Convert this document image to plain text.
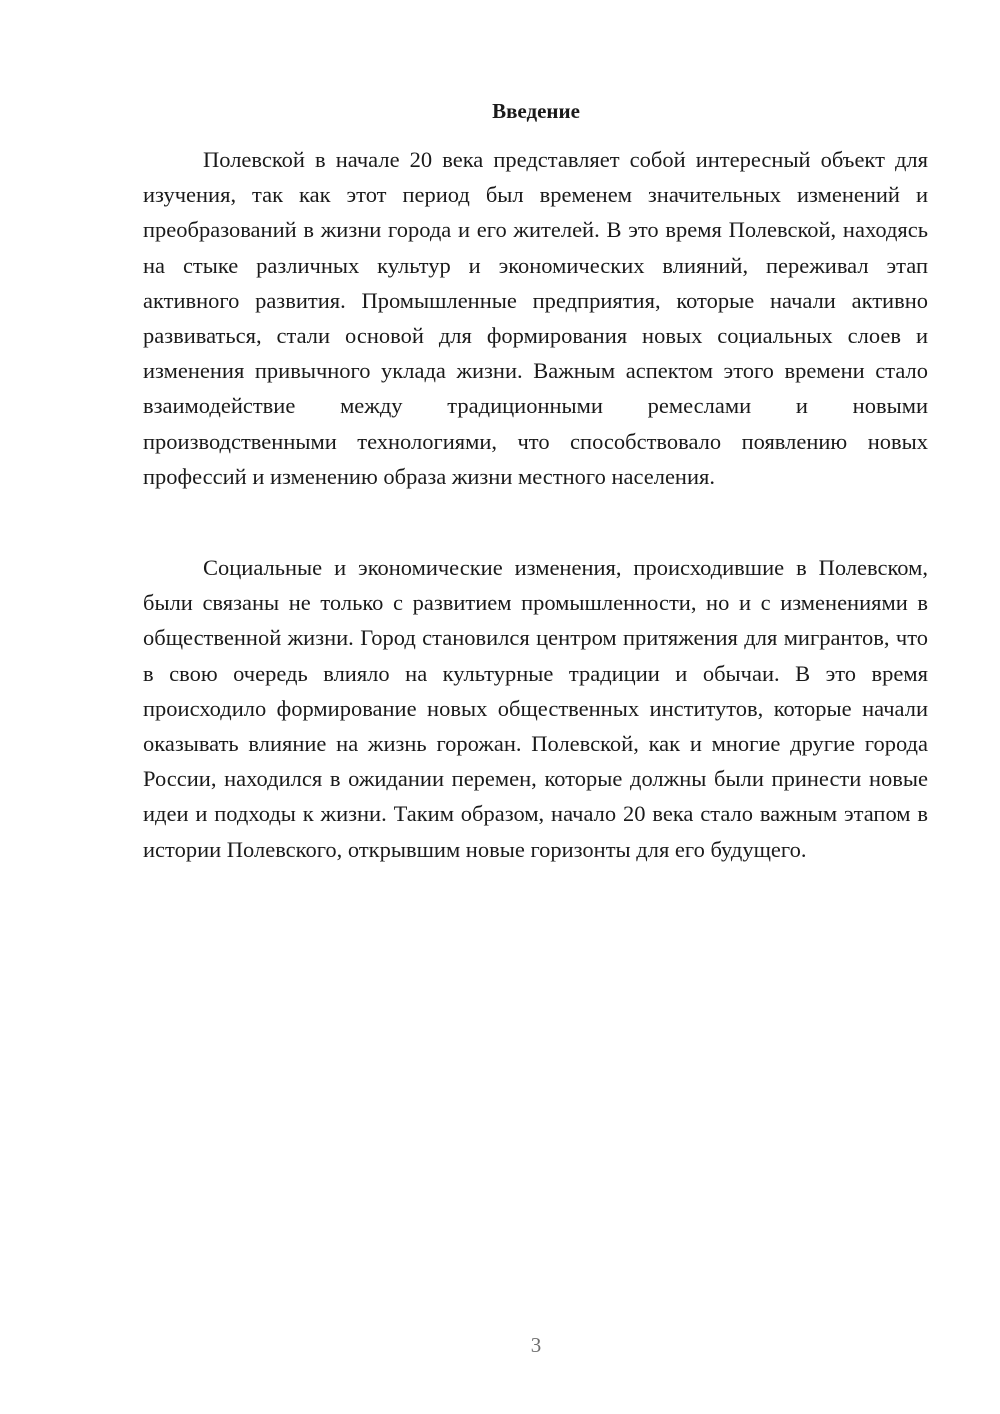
Введение

Полевской в начале 20 века представляет собой интересный объект для изучения, так как этот период был временем значительных изменений и преобразований в жизни города и его жителей. В это время Полевской, находясь на стыке различных культур и экономических влияний, переживал этап активного развития. Промышленные предприятия, которые начали активно развиваться, стали основой для формирования новых социальных слоев и изменения привычного уклада жизни. Важным аспектом этого времени стало взаимодействие между традиционными ремеслами и новыми производственными технологиями, что способствовало появлению новых профессий и изменению образа жизни местного населения.

Социальные и экономические изменения, происходившие в Полевском, были связаны не только с развитием промышленности, но и с изменениями в общественной жизни. Город становился центром притяжения для мигрантов, что в свою очередь влияло на культурные традиции и обычаи. В это время происходило формирование новых общественных институтов, которые начали оказывать влияние на жизнь горожан. Полевской, как и многие другие города России, находился в ожидании перемен, которые должны были принести новые идеи и подходы к жизни. Таким образом, начало 20 века стало важным этапом в истории Полевского, открывшим новые горизонты для его будущего.

3
